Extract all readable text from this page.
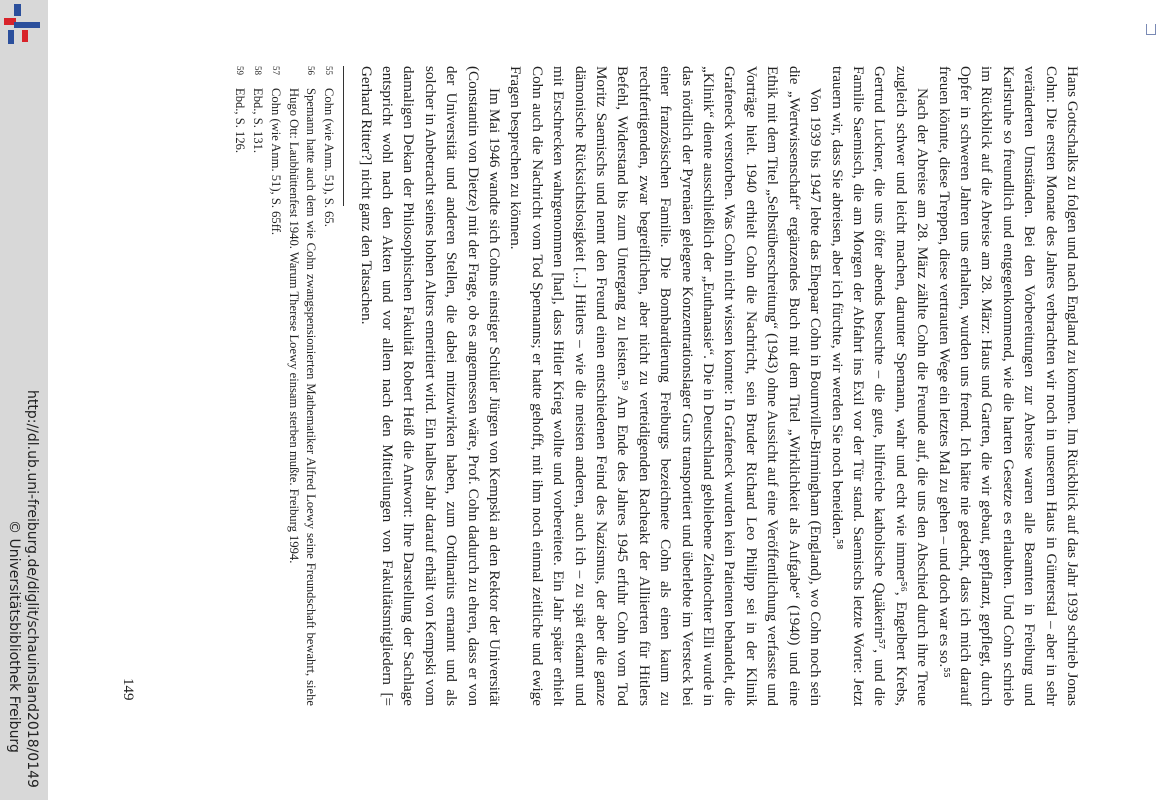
http://dl.ub.uni-freiburg.de/diglit/schauinsland2018/0149
© Universitätsbibliothek Freiburg	Hans Gottschalks zu folgen und nach England zu kommen. Im Rückblick auf das Jahr 1939 schrieb Jonas Cohn: Die ersten Monate des Jahres verbrachten wir noch in unserem Haus in Günterstal – aber in sehr veränderten Umständen. Bei den Vorbereitungen zur Abreise waren alle Beamten in Freiburg und Karlsruhe so freundlich und entgegenkommend, wie die harten Gesetze es erlaubten. Und Cohn schrieb im Rückblick auf die Abreise am 28. März: Haus und Garten, die wir gebaut, gepflanzt, gepflegt, durch Opfer in schweren Jahren uns erhalten, wurden uns fremd. Ich hätte nie gedacht, dass ich mich darauf freuen könnte, diese Treppen, diese vertrauten Wege ein letztes Mal zu gehen – und doch war es so.⁵⁵

Nach der Abreise am 28. März zählte Cohn die Freunde auf, die uns den Abschied durch ihre Treue zugleich schwer und leicht machen, darunter Spemann, wahr und echt wie immer⁵⁶, Engelbert Krebs, Gertrud Luckner, die uns öfter abends besuchte – die gute, hilfreiche katholische Quäkerin⁵⁷, und die Familie Saemisch, die am Morgen der Abfahrt ins Exil vor der Tür stand. Saemischs letzte Worte: Jetzt trauern wir, dass Sie abreisen, aber ich fürchte, wir werden Sie noch beneiden.⁵⁸

Von 1939 bis 1947 lebte das Ehepaar Cohn in Bournville-Birmingham (England), wo Cohn noch sein die „Wertwissenschaft“ ergänzendes Buch mit dem Titel „Wirklichkeit als Aufgabe“ (1940) und eine Ethik mit dem Titel „Selbstüberschreitung“ (1943) ohne Aussicht auf eine Veröffentlichung verfasste und Vorträge hielt. 1940 erhielt Cohn die Nachricht, sein Bruder Richard Leo Philipp sei in der Klinik Grafeneck verstorben. Was Cohn nicht wissen konnte: In Grafeneck wurden kein Patienten behandelt, die „Klinik“ diente ausschließlich der „Euthanasie“. Die in Deutschland gebliebene Ziehtochter Elli wurde in das nördlich der Pyrenäen gelegene Konzentrationslager Gurs transportiert und überlebte im Versteck bei einer französischen Familie. Die Bombardierung Freiburgs bezeichnete Cohn als einen kaum zu rechtfertigenden, zwar begreiflichen, aber nicht zu verteidigenden Racheakt der Alliierten für Hitlers Befehl, Widerstand bis zum Untergang zu leisten.⁵⁹ Am Ende des Jahres 1945 erfuhr Cohn vom Tod Moritz Saemischs und nennt den Freund einen entschiedenen Feind des Nazismus, der aber die ganze dämonische Rücksichtslosigkeit [...] Hitlers – wie die meisten anderen, auch ich – zu spät erkannt und mit Erschrecken wahrgenommen [hat], dass Hitler Krieg wollte und vorbereitete. Ein Jahr später erhielt Cohn auch die Nachricht vom Tod Spemanns; er hatte gehofft, mit ihm noch einmal zeitliche und ewige Fragen besprechen zu können.

Im Mai 1946 wandte sich Cohns einstiger Schüler Jürgen von Kempski an den Rektor der Universität (Constantin von Dietze) mit der Frage, ob es angemessen wäre, Prof. Cohn dadurch zu ehren, dass er von der Universität und anderen Stellen, die dabei mitzuwirken haben, zum Ordinarius ernannt und als solcher in Anbetracht seines hohen Alters emeritiert wird. Ein halbes Jahr darauf erhält von Kempski vom damaligen Dekan der Philosophischen Fakultät Robert Heiß die Antwort: Ihre Darstellung der Sachlage entspricht wohl nach den Akten und vor allem nach den Mitteilungen von Fakultätsmitgliedern [= Gerhard Ritter?] nicht ganz den Tatsachen.

55
Cohn (wie Anm. 51), S. 65.
56
Spemann hatte auch dem wie Cohn zwangspensionierten Mathematiker Alfred Loewy seine Freundschaft bewahrt, siehe Hugo Ott: Laubhüttenfest 1940. Warum Therese Loewy einsam sterben mußte. Freiburg 1994.
57
Cohn (wie Anm. 51), S. 65ff.
58
Ebd., S. 131.
59
Ebd., S. 126.
149
